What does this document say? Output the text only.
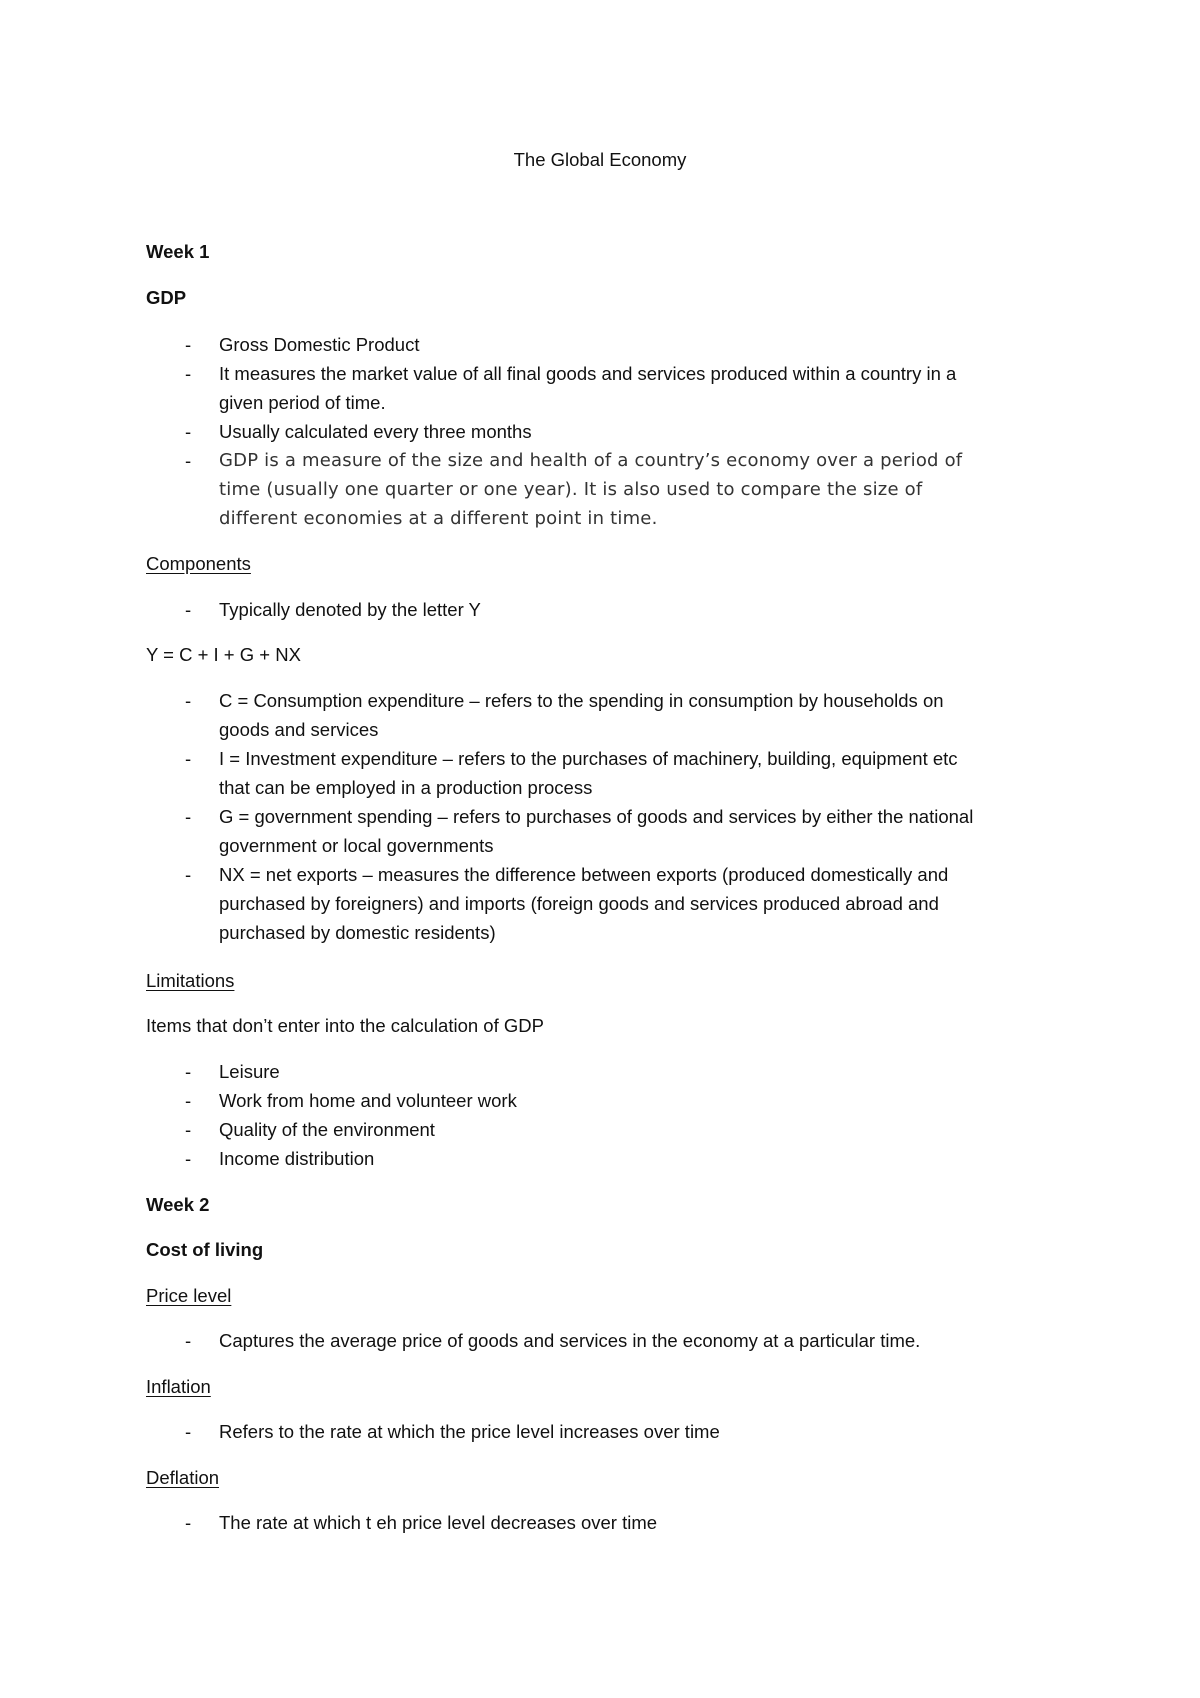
The Global Economy

Week 1

GDP

- Gross Domestic Product

- It measures the market value of all final goods and services produced within a country in a

given period of time.

- Usually calculated every three months

- GDP is a measure of the size and health of a country’s economy over a period of

time (usually one quarter or one year). It is also used to compare the size of

different economies at a different point in time.

Components

- Typically denoted by the letter Y

Y = C + I + G + NX

- C = Consumption expenditure – refers to the spending in consumption by households on

goods and services

- I = Investment expenditure – refers to the purchases of machinery, building, equipment etc

that can be employed in a production process

- G = government spending – refers to purchases of goods and services by either the national

government or local governments

- NX = net exports – measures the difference between exports (produced domestically and

purchased by foreigners) and imports (foreign goods and services produced abroad and

purchased by domestic residents)

Limitations

Items that don’t enter into the calculation of GDP

- Leisure

- Work from home and volunteer work

- Quality of the environment

- Income distribution

Week 2

Cost of living

Price level

- Captures the average price of goods and services in the economy at a particular time.

Inflation

- Refers to the rate at which the price level increases over time

Deflation

- The rate at which t eh price level decreases over time
